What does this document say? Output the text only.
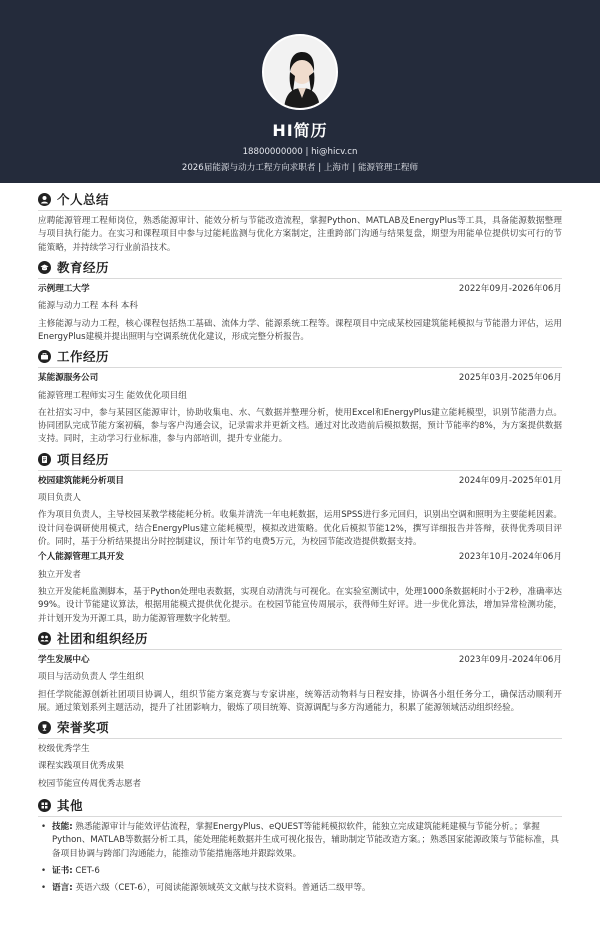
HI简历
18800000000 | hi@hicv.cn
2026届能源与动力工程方向求职者 | 上海市 | 能源管理工程师
个人总结
应聘能源管理工程师岗位，熟悉能源审计、能效分析与节能改造流程，掌握Python、MATLAB及EnergyPlus等工具，具备能源数据整理与项目执行能力。在实习和课程项目中参与过能耗监测与优化方案制定，注重跨部门沟通与结果复盘，期望为用能单位提供切实可行的节能策略，并持续学习行业前沿技术。
教育经历
示例理工大学	2022年09月-2026年06月
能源与动力工程 本科 本科
主修能源与动力工程，核心课程包括热工基础、流体力学、能源系统工程等。课程项目中完成某校园建筑能耗模拟与节能潜力评估，运用EnergyPlus建模并提出照明与空调系统优化建议，形成完整分析报告。
工作经历
某能源服务公司	2025年03月-2025年06月
能源管理工程师实习生 能效优化项目组
在社招实习中，参与某园区能源审计，协助收集电、水、气数据并整理分析，使用Excel和EnergyPlus建立能耗模型，识别节能潜力点。协同团队完成节能方案初稿，参与客户沟通会议，记录需求并更新文档。通过对比改造前后模拟数据，预计节能率约8%，为方案提供数据支持。同时，主动学习行业标准，参与内部培训，提升专业能力。
项目经历
校园建筑能耗分析项目	2024年09月-2025年01月
项目负责人
作为项目负责人，主导校园某教学楼能耗分析。收集并清洗一年电耗数据，运用SPSS进行多元回归，识别出空调和照明为主要能耗因素。设计问卷调研使用模式，结合EnergyPlus建立能耗模型，模拟改进策略。优化后模拟节能12%，撰写详细报告并答辩，获得优秀项目评价。同时，基于分析结果提出分时控制建议，预计年节约电费5万元，为校园节能改造提供数据支持。
个人能源管理工具开发	2023年10月-2024年06月
独立开发者
独立开发能耗监测脚本，基于Python处理电表数据，实现自动清洗与可视化。在实验室测试中，处理1000条数据耗时小于2秒，准确率达99%。设计节能建议算法，根据用能模式提供优化提示。在校园节能宣传周展示，获得师生好评。进一步优化算法，增加异常检测功能，并计划开发为开源工具，助力能源管理数字化转型。
社团和组织经历
学生发展中心	2023年09月-2024年06月
项目与活动负责人 学生组织
担任学院能源创新社团项目协调人，组织节能方案竞赛与专家讲座，统筹活动物料与日程安排，协调各小组任务分工，确保活动顺利开展。通过策划系列主题活动，提升了社团影响力，锻炼了项目统筹、资源调配与多方沟通能力，积累了能源领域活动组织经验。
荣誉奖项
校级优秀学生
课程实践项目优秀成果
校园节能宣传周优秀志愿者
其他
• 技能: 熟悉能源审计与能效评估流程，掌握EnergyPlus、eQUEST等能耗模拟软件，能独立完成建筑能耗建模与节能分析。；掌握Python、MATLAB等数据分析工具，能处理能耗数据并生成可视化报告，辅助制定节能改造方案。；熟悉国家能源政策与节能标准，具备项目协调与跨部门沟通能力，能推动节能措施落地并跟踪效果。
• 证书: CET-6
• 语言: 英语六级（CET-6），可阅读能源领域英文文献与技术资料。普通话二级甲等。
